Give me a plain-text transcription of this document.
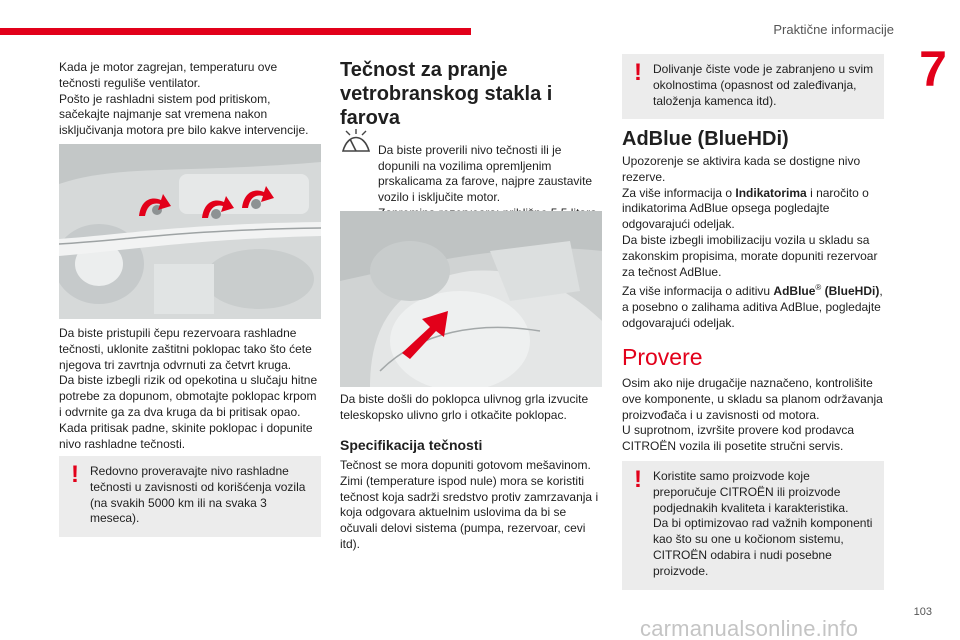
Praktične informacije
7
Kada je motor zagrejan, temperaturu ove tečnosti reguliše ventilator.
Pošto je rashladni sistem pod pritiskom, sačekajte najmanje sat vremena nakon isključivanja motora pre bilo kakve intervencije.
Da biste pristupili čepu rezervoara rashladne tečnosti, uklonite zaštitni poklopac tako što ćete njegova tri zavrtnja odvrnuti za četvrt kruga.
Da biste izbegli rizik od opekotina u slučaju hitne potrebe za dopunom, obmotajte poklopac krpom i odvrnite ga za dva kruga da bi pritisak opao.
Kada pritisak padne, skinite poklopac i dopunite nivo rashladne tečnosti.
! Redovno proveravajte nivo rashladne tečnosti u zavisnosti od korišćenja vozila (na svakih 5000 km ili na svaka 3 meseca).
Tečnost za pranje vetrobranskog stakla i farova

Da biste proverili nivo tečnosti ili je dopunili na vozilima opremljenim prskalicama za farove, najpre zaustavite vozilo i isključite motor.

Da biste došli do poklopca ulivnog grla izvucite teleskopsko ulivno grlo i otkačite poklopac.
Specifikacija tečnosti
Tečnost se mora dopuniti gotovom mešavinom. Zimi (temperature ispod nule) mora se koristiti tečnost koja sadrži sredstvo protiv zamrzavanja i koja odgovara aktuelnim uslovima da bi se očuvali delovi sistema (pumpa, rezervoar, cevi itd).
! Dolivanje čiste vode je zabranjeno u svim okolnostima (opasnost od zaleđivanja, taloženja kamenca itd).
AdBlue (BlueHDi)
Upozorenje se aktivira kada se dostigne nivo rezerve.
Za više informacija o Indikatorima i naročito o indikatorima AdBlue opsega pogledajte odgovarajući odeljak.
Da biste izbegli imobilizaciju vozila u skladu sa zakonskim propisima, morate dopuniti rezervoar za tečnost AdBlue.
Za više informacija o aditivu AdBlue® (BlueHDi), a posebno o zalihama aditiva AdBlue, pogledajte odgovarajući odeljak.
Provere
Osim ako nije drugačije naznačeno, kontrolišite ove komponente, u skladu sa planom održavanja proizvođača i u zavisnosti od motora.
U suprotnom, izvršite provere kod prodavca CITROËN vozila ili posetite stručni servis.
! Koristite samo proizvode koje preporučuje CITROËN ili proizvode podjednakih kvaliteta i karakteristika.
Da bi optimizovao rad važnih komponenti kao što su one u kočionom sistemu, CITROËN odabira i nudi posebne proizvode.
103
carmanualsonline.info
